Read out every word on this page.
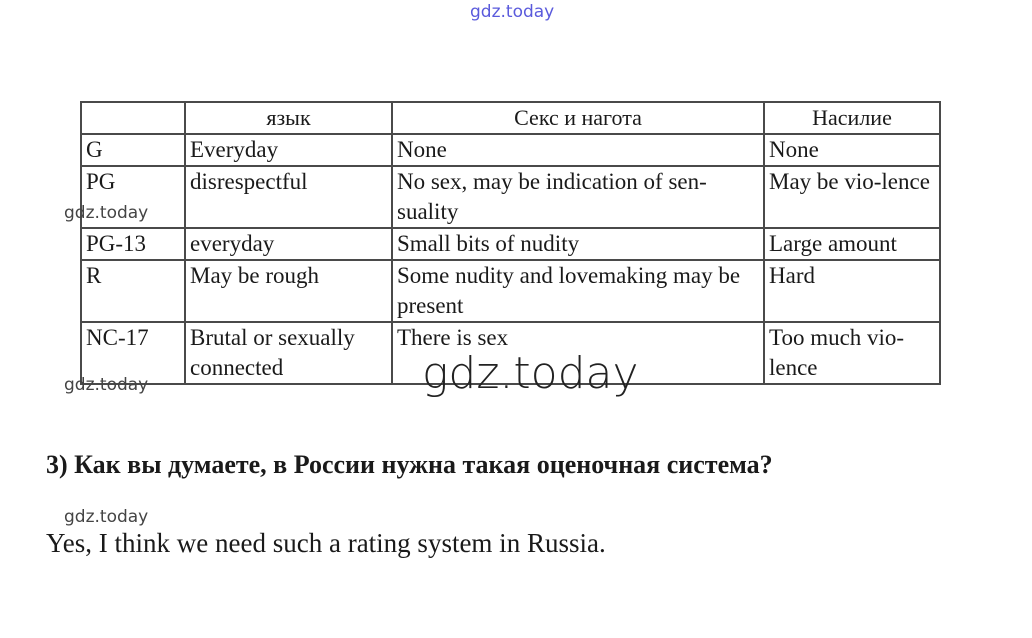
gdz.today
	язык	Секс и нагота	Насилие
G	Everyday	None	None
PG	disrespectful	No sex, may be indication of sen-suality	May be vio-lence
PG-13	everyday	Small bits of nudity	Large amount
R	May be rough	Some nudity and lovemaking may be present	Hard
NC-17	Brutal or sexually connected	There is sex	Too much vio-lence
gdz.today
gdz.today	gdz.today
3) Как вы думаете, в России нужна такая оценочная система?
gdz.today
Yes, I think we need such a rating system in Russia.
